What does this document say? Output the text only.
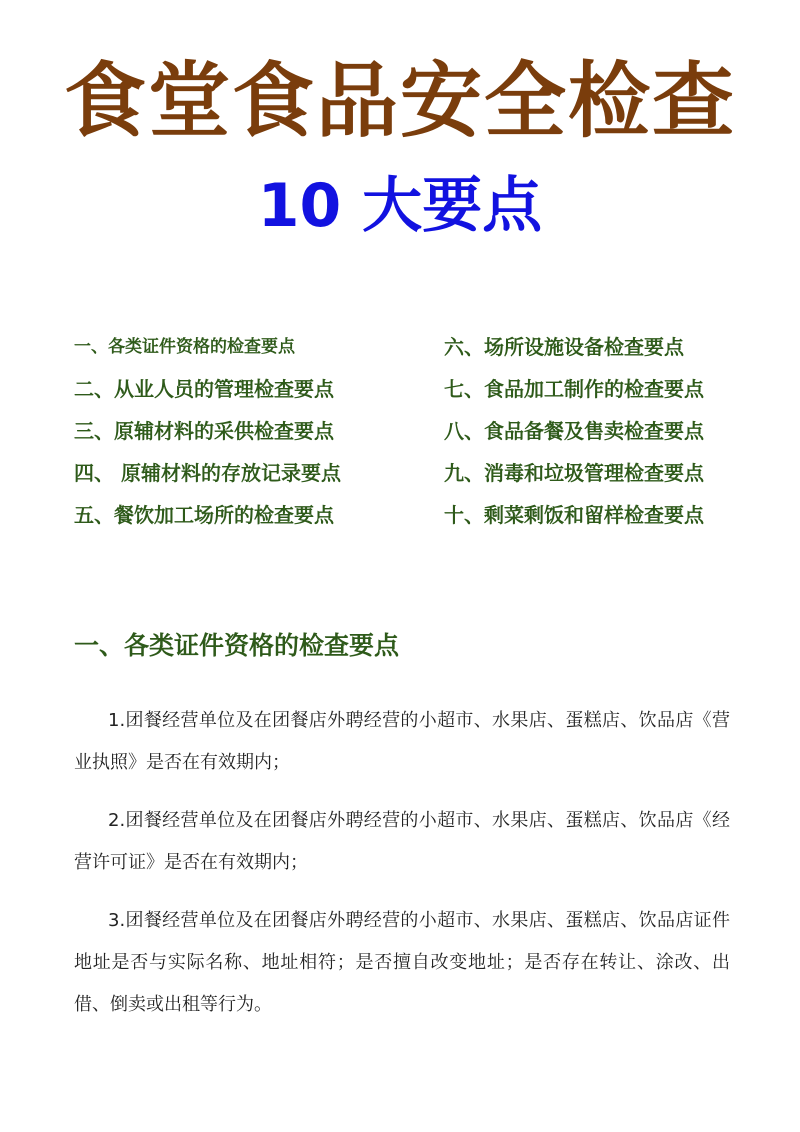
食堂食品安全检查
10 大要点
一、各类证件资格的检查要点
二、从业人员的管理检查要点
三、原辅材料的采供检查要点
四、 原辅材料的存放记录要点
五、餐饮加工场所的检查要点
六、场所设施设备检查要点
七、食品加工制作的检查要点
八、食品备餐及售卖检查要点
九、消毒和垃圾管理检查要点
十、剩菜剩饭和留样检查要点
一、各类证件资格的检查要点

1.团餐经营单位及在团餐店外聘经营的小超市、水果店、蛋糕店、饮品店《营业执照》是否在有效期内；

2.团餐经营单位及在团餐店外聘经营的小超市、水果店、蛋糕店、饮品店《经营许可证》是否在有效期内；

3.团餐经营单位及在团餐店外聘经营的小超市、水果店、蛋糕店、饮品店证件地址是否与实际名称、地址相符；是否擅自改变地址；是否存在转让、涂改、出借、倒卖或出租等行为。
